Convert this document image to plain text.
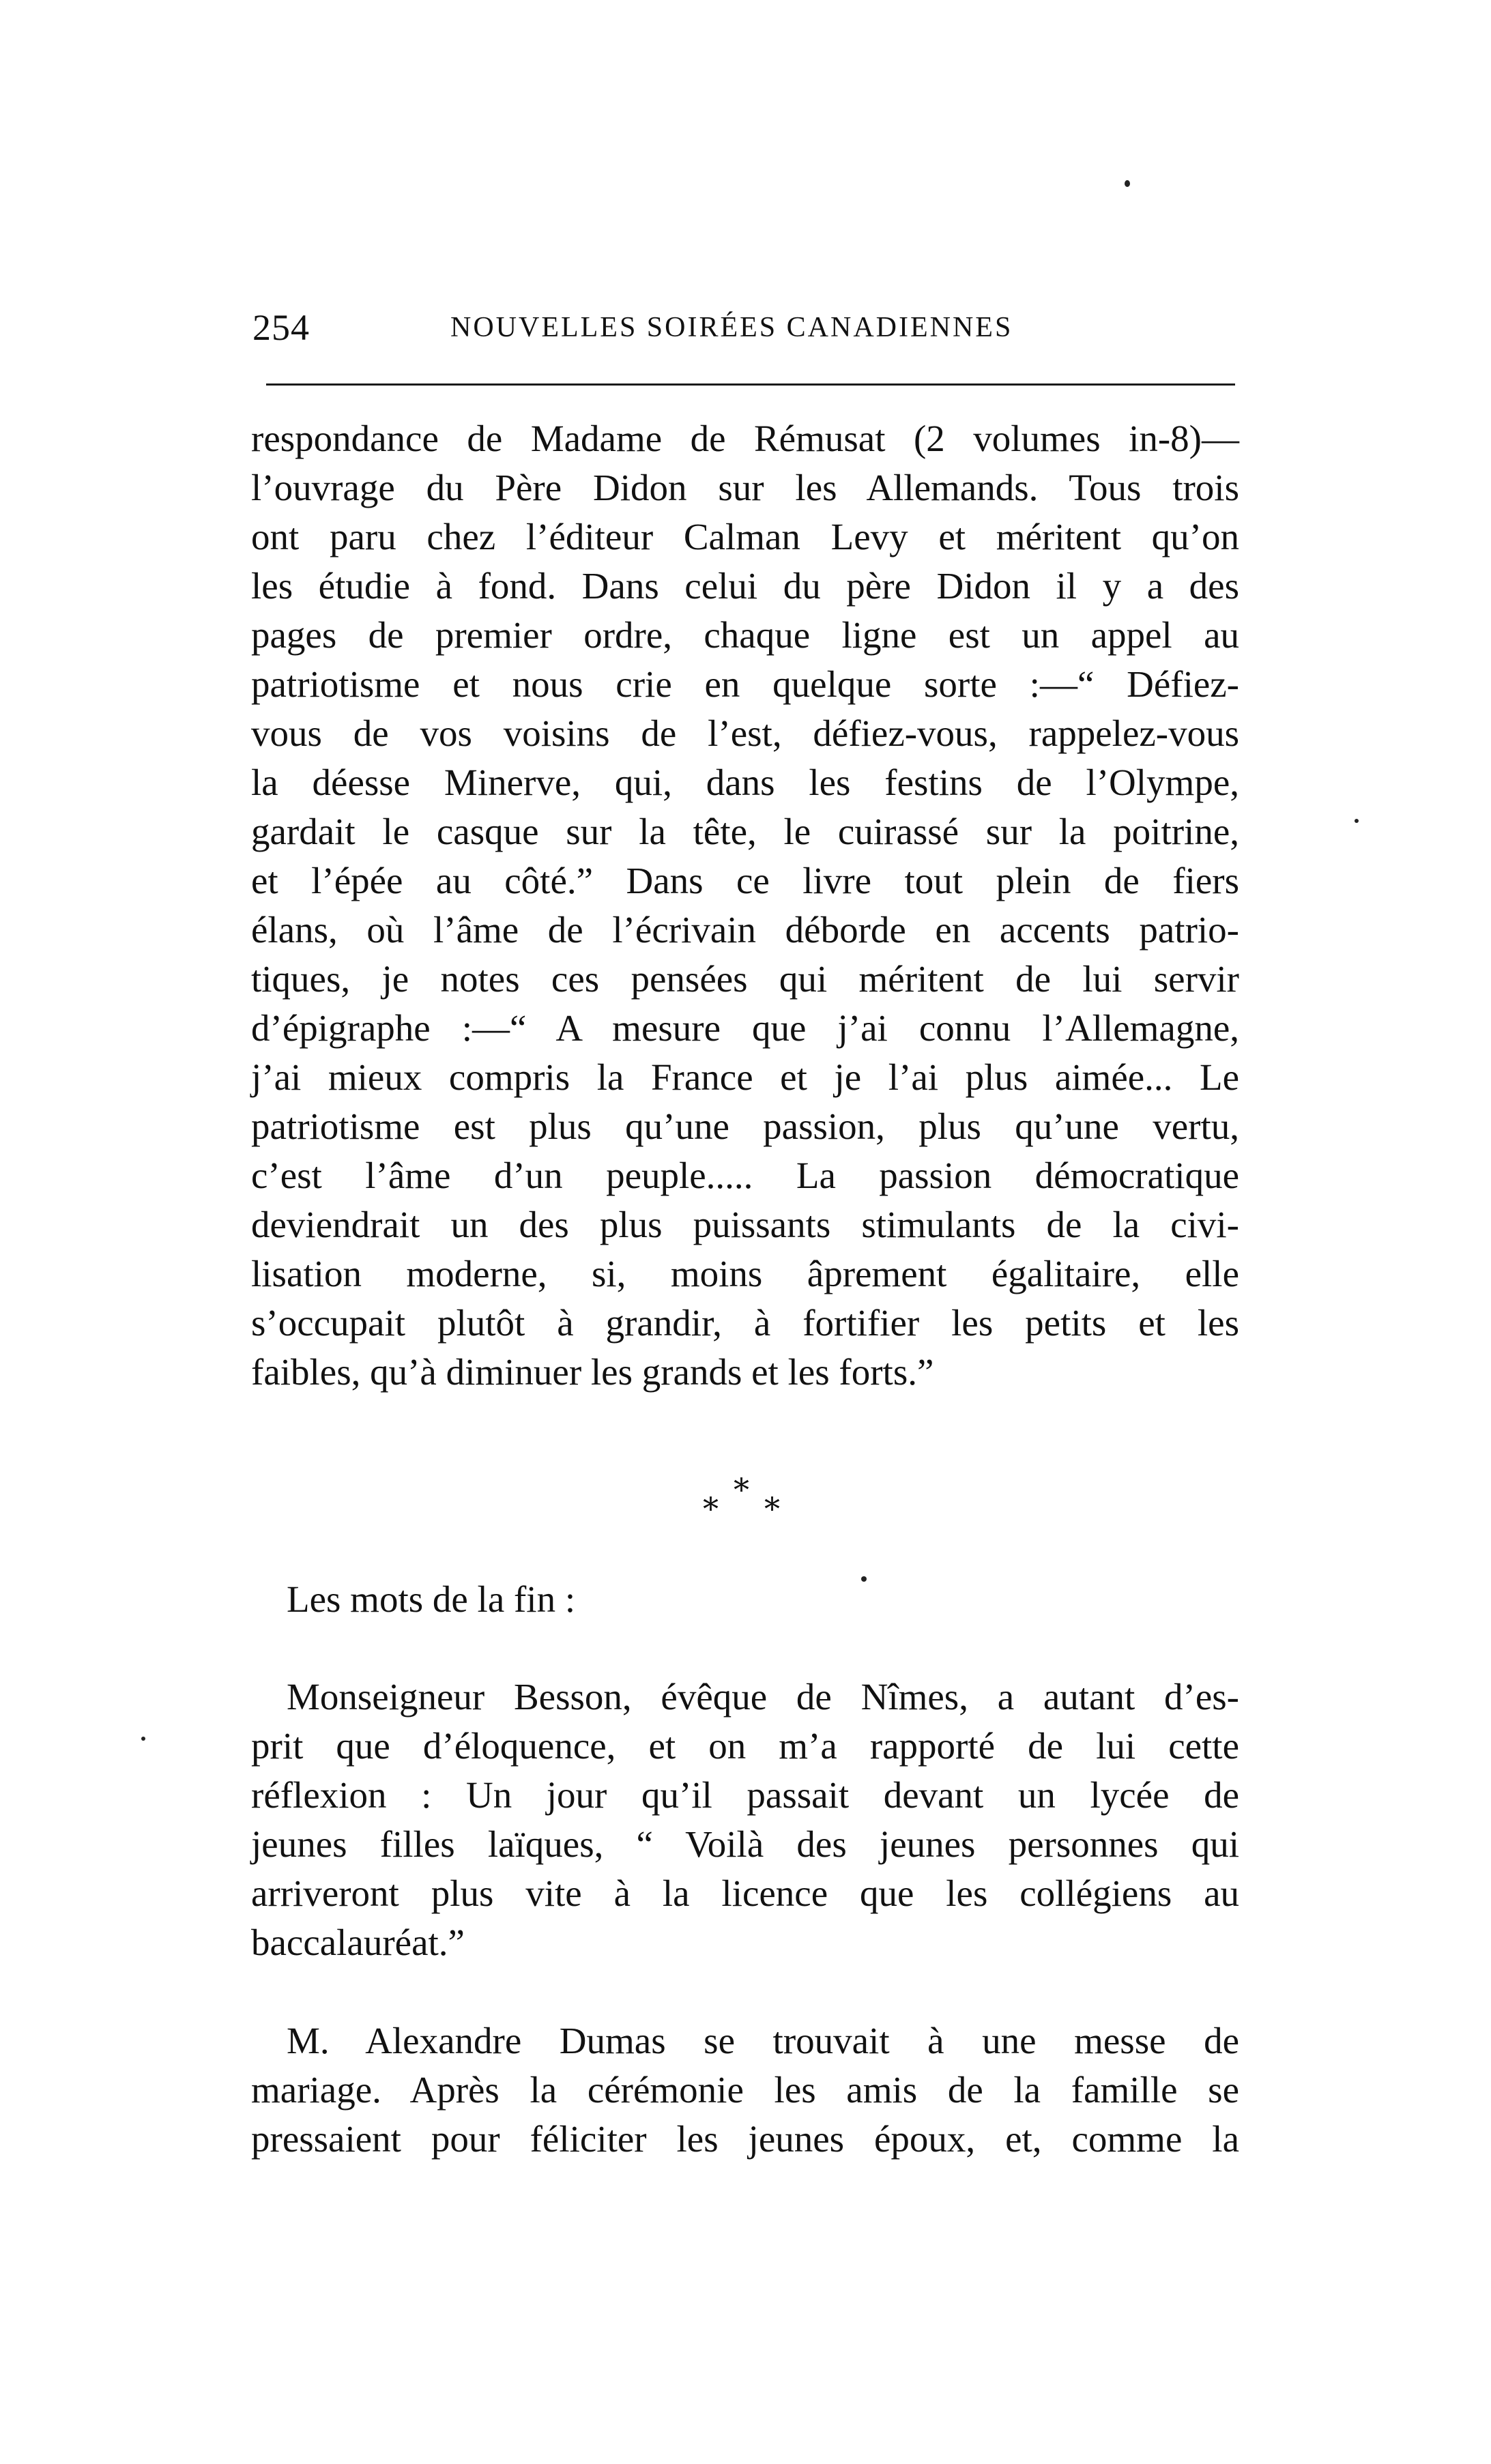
254	NOUVELLES SOIRÉES CANADIENNES
respondance de Madame de Rémusat (2 volumes in-8)—
l’ouvrage du Père Didon sur les Allemands. Tous trois
ont paru chez l’éditeur Calman Levy et méritent qu’on
les étudie à fond. Dans celui du père Didon il y a des
pages de premier ordre, chaque ligne est un appel au
patriotisme et nous crie en quelque sorte :—“ Défiez-
vous de vos voisins de l’est, défiez-vous, rappelez-vous
la déesse Minerve, qui, dans les festins de l’Olympe,
gardait le casque sur la tête, le cuirassé sur la poitrine,
et l’épée au côté.” Dans ce livre tout plein de fiers
élans, où l’âme de l’écrivain déborde en accents patrio-
tiques, je notes ces pensées qui méritent de lui servir
d’épigraphe :—“ A mesure que j’ai connu l’Allemagne,
j’ai mieux compris la France et je l’ai plus aimée... Le
patriotisme est plus qu’une passion, plus qu’une vertu,
c’est l’âme d’un peuple..... La passion démocratique
deviendrait un des plus puissants stimulants de la civi-
lisation moderne, si, moins âprement égalitaire, elle
s’occupait plutôt à grandir, à fortifier les petits et les
faibles, qu’à diminuer les grands et les forts.”
*
*
*
Les mots de la fin :
Monseigneur Besson, évêque de Nîmes, a autant d’es-
prit que d’éloquence, et on m’a rapporté de lui cette
réflexion : Un jour qu’il passait devant un lycée de
jeunes filles laïques, “ Voilà des jeunes personnes qui
arriveront plus vite à la licence que les collégiens au
baccalauréat.”
M. Alexandre Dumas se trouvait à une messe de
mariage. Après la cérémonie les amis de la famille se
pressaient pour féliciter les jeunes époux, et, comme la
